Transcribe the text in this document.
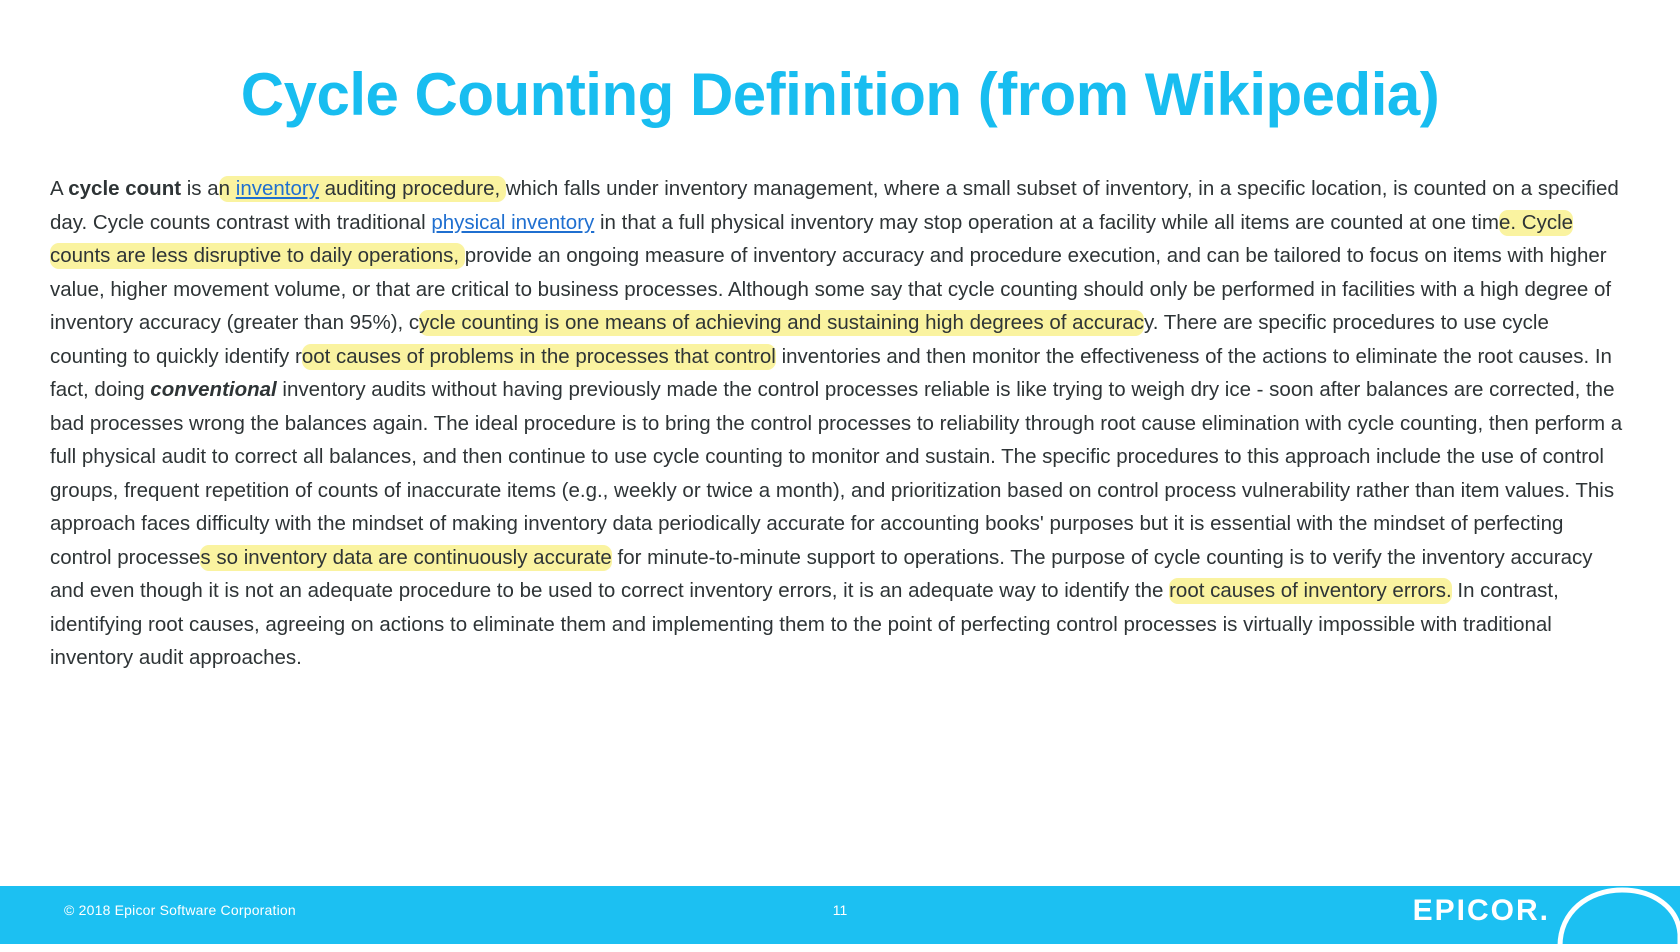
Cycle Counting Definition (from Wikipedia)
A cycle count is an inventory auditing procedure, which falls under inventory management, where a small subset of inventory, in a specific location, is counted on a specified day. Cycle counts contrast with traditional physical inventory in that a full physical inventory may stop operation at a facility while all items are counted at one time. Cycle counts are less disruptive to daily operations, provide an ongoing measure of inventory accuracy and procedure execution, and can be tailored to focus on items with higher value, higher movement volume, or that are critical to business processes. Although some say that cycle counting should only be performed in facilities with a high degree of inventory accuracy (greater than 95%), cycle counting is one means of achieving and sustaining high degrees of accuracy. There are specific procedures to use cycle counting to quickly identify root causes of problems in the processes that control inventories and then monitor the effectiveness of the actions to eliminate the root causes. In fact, doing conventional inventory audits without having previously made the control processes reliable is like trying to weigh dry ice - soon after balances are corrected, the bad processes wrong the balances again. The ideal procedure is to bring the control processes to reliability through root cause elimination with cycle counting, then perform a full physical audit to correct all balances, and then continue to use cycle counting to monitor and sustain. The specific procedures to this approach include the use of control groups, frequent repetition of counts of inaccurate items (e.g., weekly or twice a month), and prioritization based on control process vulnerability rather than item values. This approach faces difficulty with the mindset of making inventory data periodically accurate for accounting books' purposes but it is essential with the mindset of perfecting control processes so inventory data are continuously accurate for minute-to-minute support to operations. The purpose of cycle counting is to verify the inventory accuracy and even though it is not an adequate procedure to be used to correct inventory errors, it is an adequate way to identify the root causes of inventory errors. In contrast, identifying root causes, agreeing on actions to eliminate them and implementing them to the point of perfecting control processes is virtually impossible with traditional inventory audit approaches.
© 2018 Epicor Software Corporation	11	EPICOR.
